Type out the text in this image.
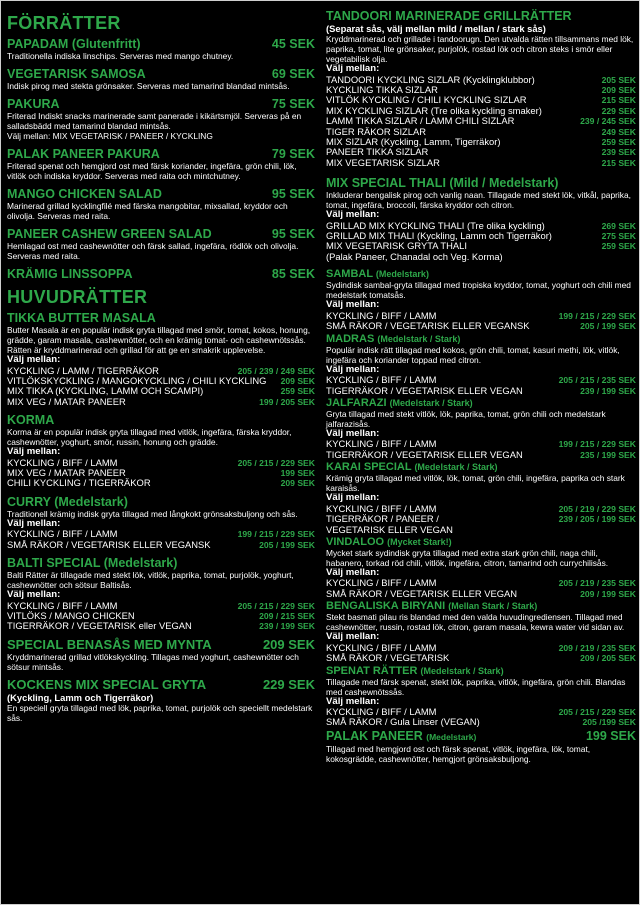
FÖRRÄTTER
PAPADAM (Glutenfritt)	45 SEK

Traditionella indiska linschips. Serveras med mango chutney.

VEGETARISK SAMOSA	69 SEK

Indisk pirog med stekta grönsaker. Serveras med tamarind blandad mintsås.

PAKURA	75 SEK

Friterad Indiskt snacks marinerade samt panerade i kikärtsmjöl. Serveras på en salladsbädd med tamarind blandad mintsås.

Välj mellan: MIX VEGETARISK / PANEER / KYCKLING

PALAK PANEER PAKURA	79 SEK

Friterad spenat och hemgjord ost med färsk koriander, ingefära, grön chili, lök, vitlök och indiska kryddor. Serveras med raita och mintchutney.

MANGO CHICKEN SALAD	95 SEK

Marinerad grillad kycklingfilé med färska mangobitar, mixsallad, kryddor och olivolja. Serveras med raita.

PANEER CASHEW GREEN SALAD	95 SEK

Hemlagad ost med cashewnötter och färsk sallad, ingefära, rödlök och olivolja. Serveras med raita.

KRÄMIG LINSSOPPA	85 SEK
HUVUDRÄTTER
TIKKA BUTTER MASALA

Butter Masala är en populär indisk gryta tillagad med smör, tomat, kokos, honung, grädde, garam masala, cashewnötter, och en krämig tomat- och cashewnötssås. Rätten är kryddmarinerad och grillad för att ge en smakrik upplevelse.

Välj mellan:
KYCKLING / LAMM / TIGERRÄKOR	205 / 239 / 249 SEK
VITLÖKSKYCKLING / MANGOKYCKLING / CHILI KYCKLING 209 SEK
MIX TIKKA (KYCKLING, LAMM OCH SCAMPI)	259 SEK
MIX VEG / MATAR PANEER	199 / 205 SEK
KORMA

Korma är en populär indisk gryta tillagad med vitlök, ingefära, färska kryddor, cashewnötter, yoghurt, smör, russin, honung och grädde.

Välj mellan:
KYCKLING / BIFF / LAMM	205 / 215 / 229 SEK
MIX VEG / MATAR PANEER	199 SEK
CHILI KYCKLING / TIGERRÄKOR	209 SEK
CURRY (Medelstark)

Traditionell krämig indisk gryta tillagad med långkokt grönsaksbuljong och sås.

Välj mellan:
KYCKLING / BIFF / LAMM	199 / 215 / 229 SEK
SMÅ RÄKOR / VEGETARISK ELLER VEGANSK	205 / 199 SEK
BALTI SPECIAL (Medelstark)

Balti Rätter är tillagade med stekt lök, vitlök, paprika, tomat, purjolök, yoghurt, cashewnötter och sötsur Baltisås.

Välj mellan:
KYCKLING / BIFF / LAMM	205 / 215 / 229 SEK
VITLÖKS / MANGO CHICKEN	209 / 215 SEK
TIGERRÄKOR / VEGETARISK eller VEGAN	239 / 199 SEK
SPECIAL BENASÅS MED MYNTA	209 SEK

Kryddmarinerad grillad vitlökskyckling. Tillagas med yoghurt, cashewnötter och sötsur mintsås.

KOCKENS MIX SPECIAL GRYTA	229 SEK
(Kyckling, Lamm och Tigerräkor)

En speciell gryta tillagad med lök, paprika, tomat, purjolök och speciellt medelstark sås.

TANDOORI MARINERADE GRILLRÄTTER
(Separat sås, välj mellan mild / mellan / stark sås)

Kryddmarinerad och grillade i tandoorugn. Den utvalda rätten tillsammans med lök, paprika, tomat, lite grönsaker, purjolök, rostad lök och citron steks i smör eller vegetabilisk olja.

Välj mellan:
TANDOORI KYCKLING SIZLAR (Kycklingklubbor)	205 SEK
KYCKLING TIKKA SIZLAR	209 SEK
VITLÖK KYCKLING / CHILI KYCKLING SIZLAR	215 SEK
MIX KYCKLING SIZLAR (Tre olika kyckling smaker)	229 SEK
LAMM TIKKA SIZLAR / LAMM CHILI SIZLAR	239 / 245 SEK
TIGER RÄKOR SIZLAR	249 SEK
MIX SIZLAR (Kyckling, Lamm, Tigerräkor)	259 SEK
PANEER TIKKA SIZLAR	239 SEK
MIX VEGETARISK SIZLAR	215 SEK
MIX SPECIAL THALI (Mild / Medelstark)

Inkluderar bengalisk pirog och vanlig naan. Tillagade med stekt lök, vitkål, paprika, tomat, ingefära, broccoli, färska kryddor och citron.

Välj mellan:
GRILLAD MIX KYCKLING THALI (Tre olika kyckling)	269 SEK
GRILLAD MIX THALI (Kyckling, Lamm och Tigerräkor)	275 SEK
MIX VEGETARISK GRYTA THALI	259 SEK
(Palak Paneer, Chanadal och Veg. Korma)
SAMBAL (Medelstark)

Sydindisk sambal-gryta tillagad med tropiska kryddor, tomat, yoghurt och chili med medelstark tomatsås.

Välj mellan:
KYCKLING / BIFF / LAMM	199 / 215 / 229 SEK
SMÅ RÄKOR / VEGETARISK ELLER VEGANSK	205 / 199 SEK
MADRAS (Medelstark / Stark)

Populär indisk rätt tillagad med kokos, grön chili, tomat, kasuri methi, lök, vitlök, ingefära och koriander toppad med citron.

Välj mellan:
KYCKLING / BIFF / LAMM	205 / 215 / 235 SEK
TIGERRÄKOR / VEGETARISK ELLER VEGAN	239 / 199 SEK
JALFARAZI (Medelstark / Stark)

Gryta tillagad med stekt vitlök, lök, paprika, tomat, grön chili och medelstark jalfarazisås.

Välj mellan:
KYCKLING / BIFF / LAMM	199 / 215 / 229 SEK
TIGERRÄKOR / VEGETARISK ELLER VEGAN	235 / 199 SEK
KARAI SPECIAL (Medelstark / Stark)

Krämig gryta tillagad med vitlök, lök, tomat, grön chili, ingefära, paprika och stark karaisås.

Välj mellan:
KYCKLING / BIFF / LAMM	205 / 219 / 229 SEK
TIGERRÄKOR / PANEER /	239 / 205 / 199 SEK
VEGETARISK ELLER VEGAN
VINDALOO (Mycket Stark!)

Mycket stark sydindisk gryta tillagad med extra stark grön chili, naga chili, habanero, torkad röd chili, vitlök, ingefära, citron, tamarind och currychilisås.

Välj mellan:
KYCKLING / BIFF / LAMM	205 / 219 / 235 SEK
SMÅ RÄKOR / VEGETARISK ELLER VEGAN	209 / 199 SEK
BENGALISKA BIRYANI (Mellan Stark / Stark)

Stekt basmati pilau ris blandad med den valda huvudingrediensen. Tillagad med cashewnötter, russin, rostad lök, citron, garam masala, kewra water vid sidan av.

Välj mellan:
KYCKLING / BIFF / LAMM	209 / 219 / 235 SEK
SMÅ RÄKOR / VEGETARISK	209 / 205 SEK
SPENAT RÄTTER (Medelstark / Stark)

Tillagade med färsk spenat, stekt lök, paprika, vitlök, ingefära, grön chili. Blandas med cashewnötssås.

Välj mellan:
KYCKLING / BIFF / LAMM	205 / 215 / 229 SEK
SMÅ RÄKOR / Gula Linser (VEGAN)	205 /199 SEK
PALAK PANEER (Medelstark)	199 SEK

Tillagad med hemgjord ost och färsk spenat, vitlök, ingefära, lök, tomat, kokosgrädde, cashewnötter, hemgjort grönsaksbuljong.
